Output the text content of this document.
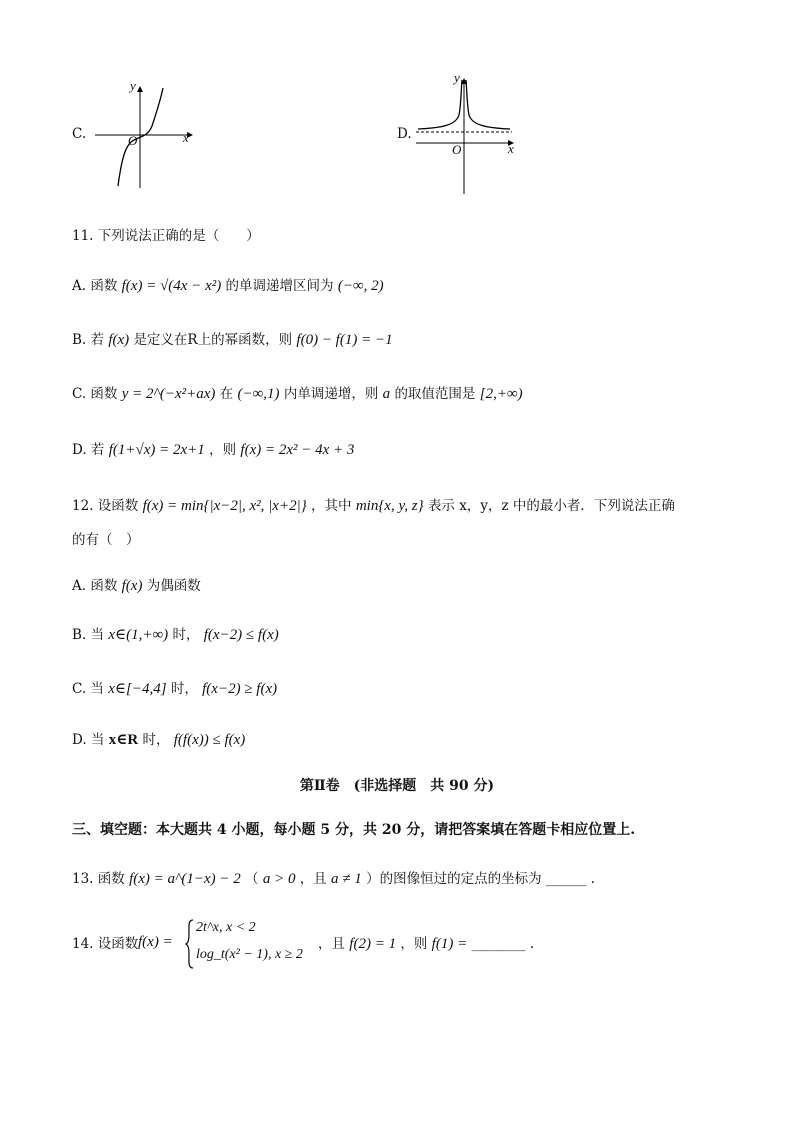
C.
y
x
O	D.
y
x
O
11. 下列说法正确的是（　　）
A. 函数 f(x) = √(4x − x²) 的单调递增区间为 (−∞, 2)
B. 若 f(x) 是定义在R上的幂函数，则 f(0) − f(1) = −1
C. 函数 y = 2^(−x²+ax) 在 (−∞,1) 内单调递增，则 a 的取值范围是 [2,+∞)
D. 若 f(1+√x) = 2x+1 ，则 f(x) = 2x² − 4x + 3
12. 设函数 f(x) = min{|x−2|, x², |x+2|} ，其中 min{x, y, z} 表示 x，y，z 中的最小者．下列说法正确
的有（　）
A. 函数 f(x) 为偶函数
B. 当 x∈(1,+∞) 时， f(x−2) ≤ f(x)
C. 当 x∈[−4,4] 时， f(x−2) ≥ f(x)
D. 当 x∈R 时， f(f(x)) ≤ f(x)
第Ⅱ卷　(非选择题　共 90 分)
三、填空题：本大题共 4 小题，每小题 5 分，共 20 分，请把答案填在答题卡相应位置上.
13. 函数 f(x) = a^(1−x) − 2 （ a > 0 ，且 a ≠ 1 ）的图像恒过的定点的坐标为 ______ .
14. 设函数 f(x) =
2t^x, x < 2
log_t(x² − 1), x ≥ 2
，且 f(2) = 1 ，则 f(1) = ________ .
